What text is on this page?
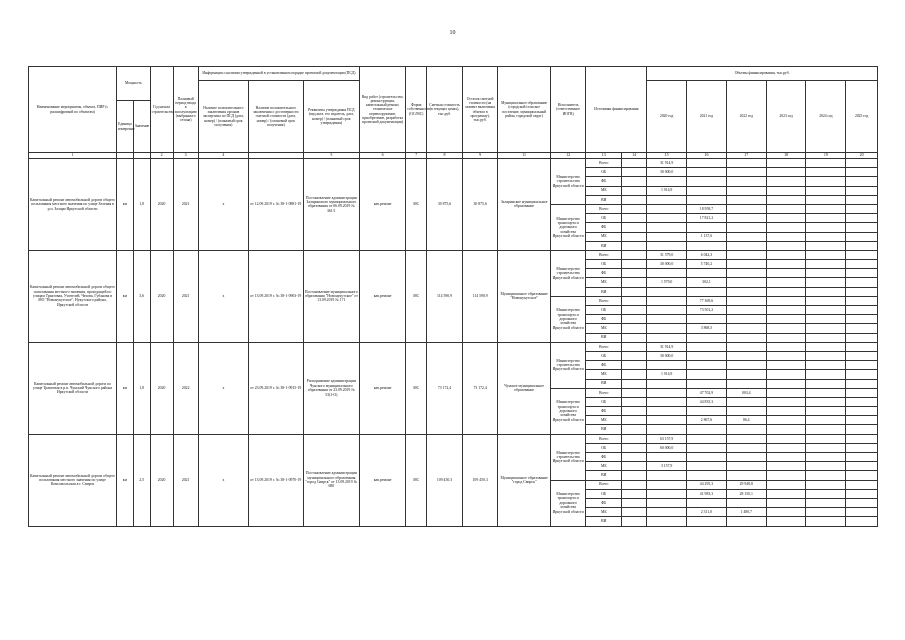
10
Наименование мероприятия, объекта, ПИР (с расшифровкой по объектам)	Мощность		Год начала строительства	Плановый период ввода в эксплуатацию (выбранного сезона)	Информация о наличии утвержденной в установленном порядке проектной документации (ПСД)			Вид работ (строительство, реконструкция, капитальный ремонт, техническое перевооружение, приобретение, разработка проектной документации)	Форма собственности (ОС/МС)	Сметная стоимость (в текущих ценах), тыс.руб.	Остаток сметной стоимости (на момент включения объекта в программу), тыс.руб.	Муниципальное образование (городской/сельское поселение, муниципальный район, городской округ)	Исполнитель (ответственное ИОГВ)	Источники финансирования		Объемы финансирования, тыс.руб.					
					Наличие положительного заключения органов экспертизы по ПСД (дата, номер) / (плановый срок получения)	Наличие положительного заключения о достоверности сметной стоимости (дата, номер) / (плановый срок получения)	Реквизиты утверждения ПСД (вид акта, его издатель, дата, номер) / (плановый срок утверждения)									2020 год	2021 год	2022 год	2023 год	2024 год	2025 год
	Единица измерения	Значение																			
1			2	3	4		5	6	7	8	9	11	12	13	14	15	16	17	18	19	20
Капитальный ремонт автомобильной дороги общего пользования местного значения по улице Зеленая в р.п. Залари Иркутской области	км	1,8	2020	2021	х	от 12.09.2019 г. № 38-1-0881-19	Постановление администрации Заларинского муниципального образования от 06.09.2019 № 361/1	кап.ремонт	МС	30 875,6	30 875,6	Заларинское муниципальное образование	Министерство строительства Иркутской области	Всего		31 914,9					
														ОБ		30 000,0					
														ФБ							
														МБ		1 914,9					
														ВИ							
													Министерство транспорта и дорожного хозяйства Иркутской области	Всего			18 958,7				
														ОБ			17 821,2				
														ФБ							
														МБ			1 137,6				
														ВИ							
Капитальный ремонт автомобильной дороги общего пользования местного значения, проходящей по улицам Трактовая, Учителей, Чехова, Губанова в МО "Новонукутское", Нукутского района, Иркутской области	км	3,6	2020	2021	х	от 13.09.2019 г. № 38-1-0903-19	Постановление муниципального образования "Новонукутское" от 13.09.2019 № 171	кап.ремонт	МС	114 590,9	114 590,9	Муниципальное образование "Новонукутское"	Министерство строительства Иркутской области	Всего		31 579,0	6 042,3				
														ОБ		30 000,0	5 740,2				
														ФБ							
														МБ		1 579,0	302,1				
														ВИ							
													Министерство транспорта и дорожного хозяйства Иркутской области	Всего			77 369,6				
														ОБ			73 501,2				
														ФБ							
														МБ			3 868,5				
														ВИ							
Капитальный ремонт автомобильной дороги по улице Трактовая в р.п. Чунский Чунского района Иркутской области	км	1,8	2020	2022	х	от 23.09.2019 г. № 38-1-0915-19	Распоряжение администрации Чунского муниципального образования от 23.09.2019 № 53(1-О)	кап.ремонт	МС	73 172,4	73 172,4	Чунское муниципальное образование	Министерство строительства Иркутской области	Всего		31 914,9					
														ОБ		30 000,0					
														ФБ							
														МБ		1 914,9					
														ВИ							
													Министерство транспорта и дорожного хозяйства Иркутской области	Всего			47 702,9	003,4			
														ОБ			44 835,3				
														ФБ							
														МБ			2 867,6	86,4			
														ВИ							
Капитальный ремонт автомобильной дороги общего пользования местного значения по улице Комсомольская в г. Свирск	км	2,5	2020	2021	х	от 13.09.2019 г. № 38-1-0970-19	Постановление администрации муниципального образования "город Свирск" от 13.09.2019 № 680	кап.ремонт	МС	109 450,3	109 450,3	Муниципальное образование "город Свирск"	Министерство строительства Иркутской области	Всего		63 157,9					
														ОБ		60 000,0					
														ФБ							
														МБ		3 157,9					
														ВИ							
													Министерство транспорта и дорожного хозяйства Иркутской области	Всего			44 295,3	29 948,8			
														ОБ			41 983,3	28 150,1			
														ФБ							
														МБ			2 311,0	1 480,7			
														ВИ							
